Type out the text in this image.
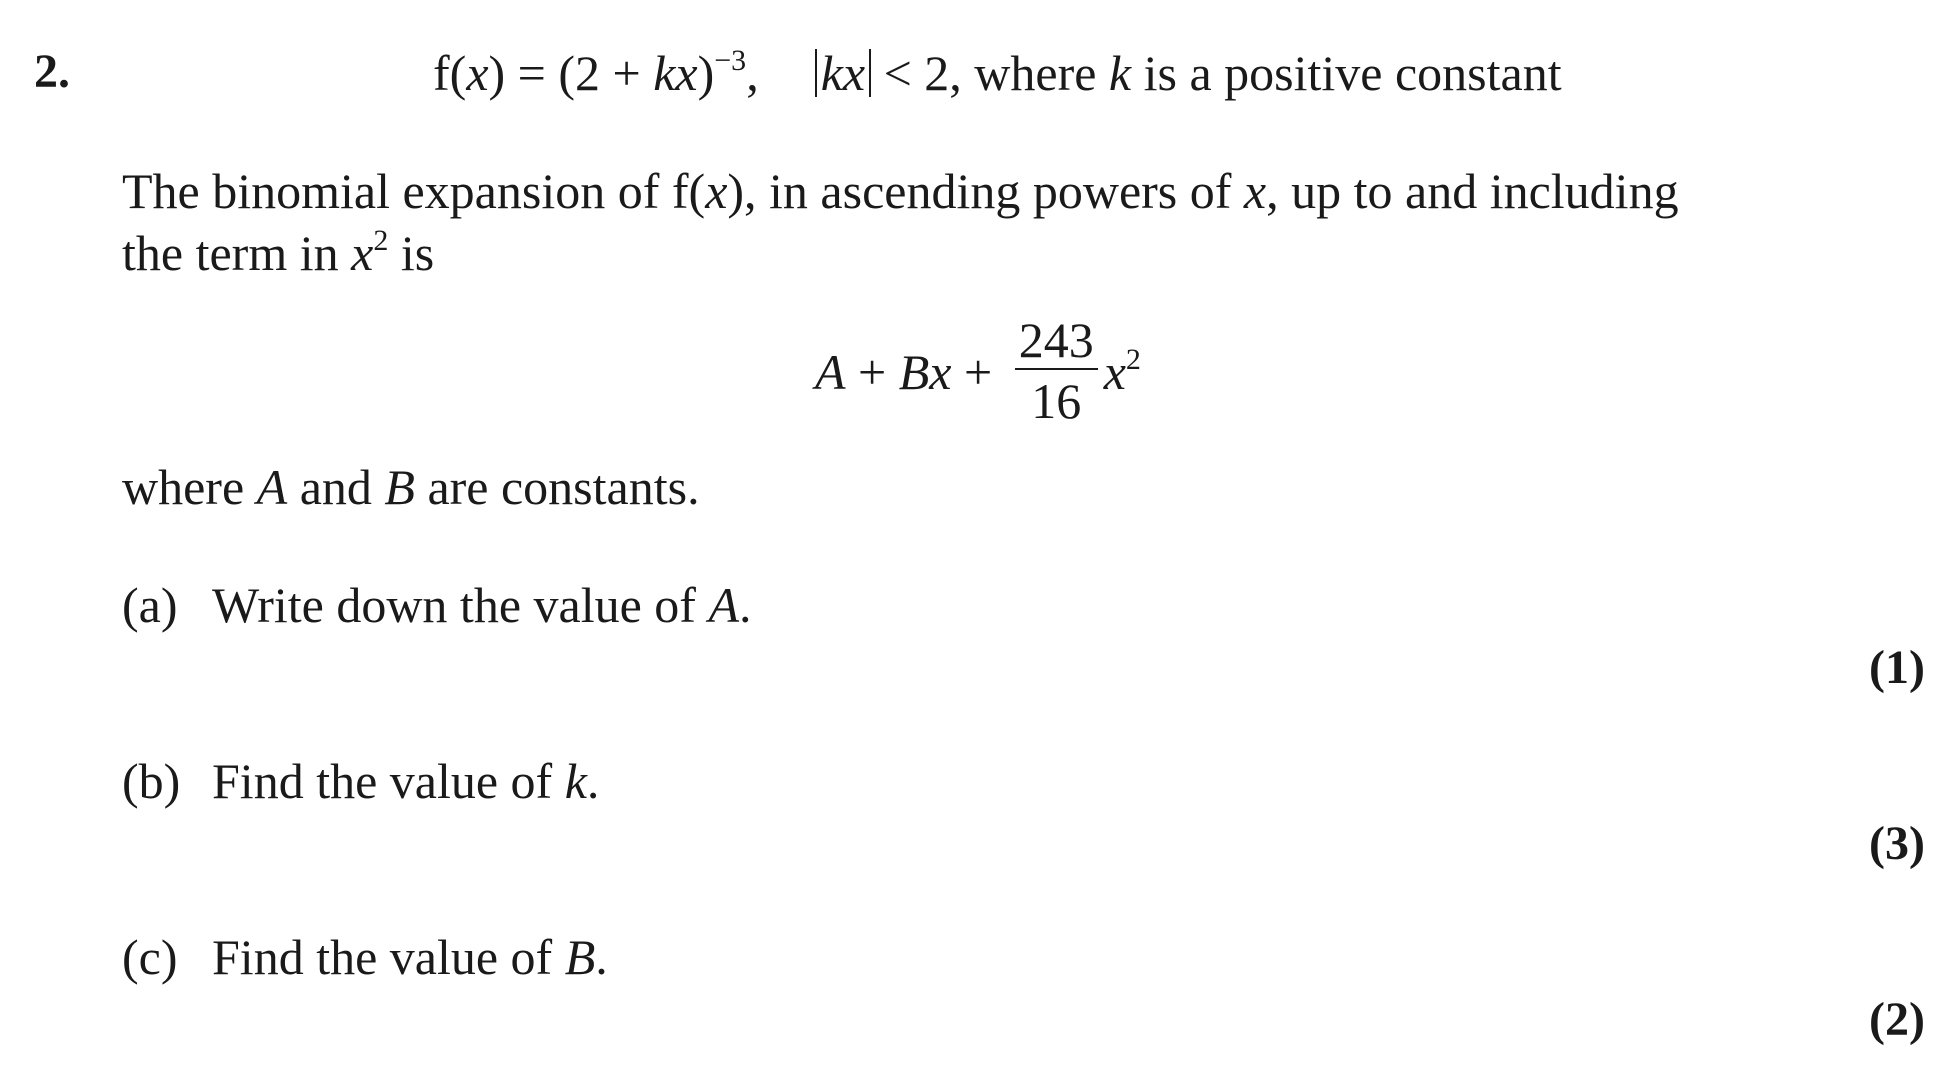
2.	f(x) = (2 + kx)$^{-3}$, kx < 2, where k is a positive constant
The binomial expansion of f(x), in ascending powers of x, up to and including
the term in $x^2$ is
$A + Bx + \frac{243}{16} x^2$
where A and B are constants.
(a) Write down the value of A.
(1)
(b) Find the value of k.
(3)
(c) Find the value of B.
(2)
